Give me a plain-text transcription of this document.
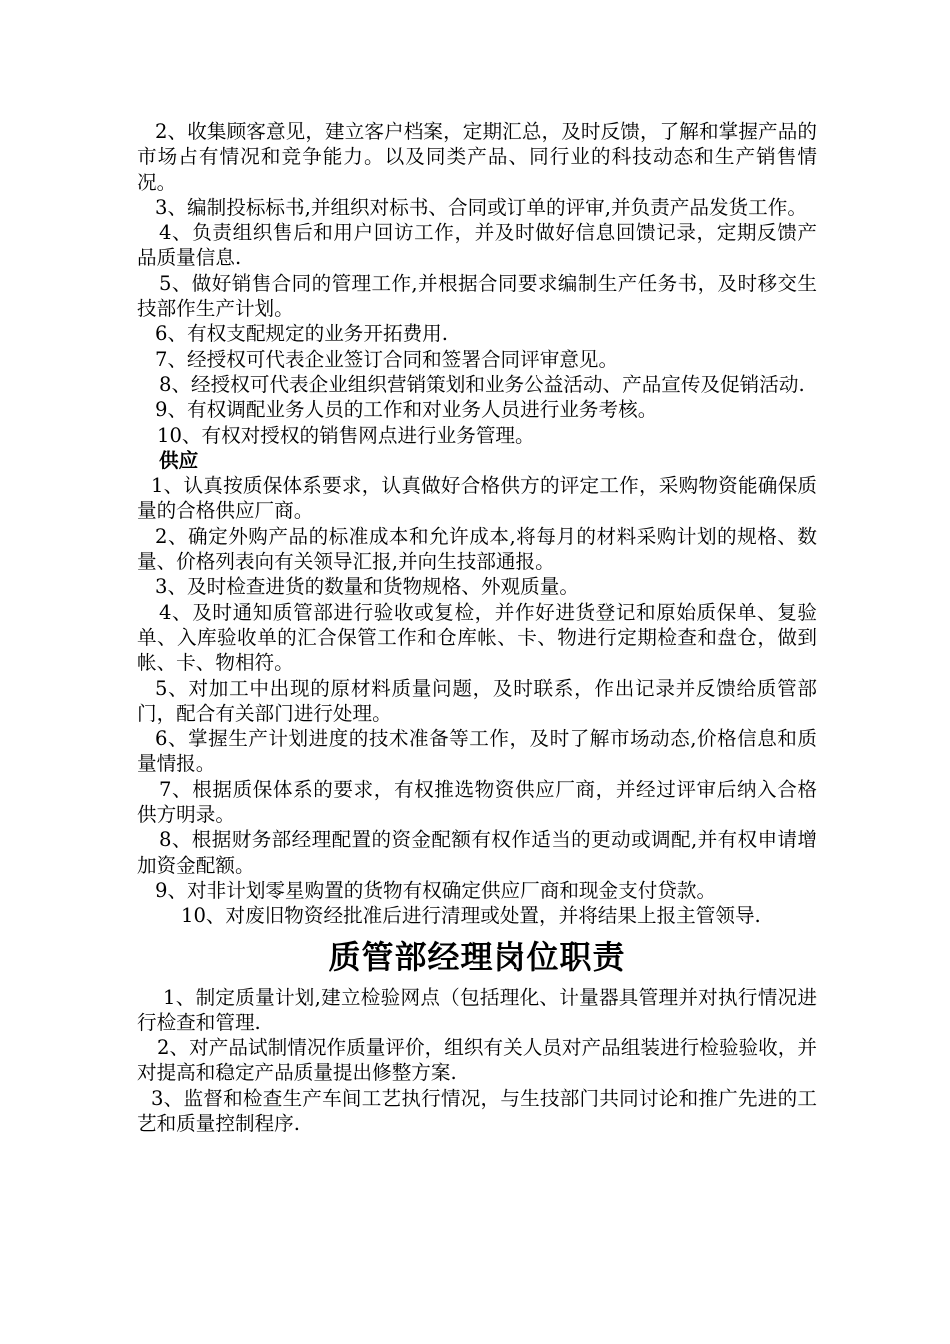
2、收集顾客意见，建立客户档案，定期汇总，及时反馈，了解和掌握产品的市场占有情况和竞争能力。以及同类产品、同行业的科技动态和生产销售情况。

3、编制投标标书,并组织对标书、合同或订单的评审,并负责产品发货工作。

4、负责组织售后和用户回访工作，并及时做好信息回馈记录，定期反馈产品质量信息.

5、做好销售合同的管理工作,并根据合同要求编制生产任务书，及时移交生技部作生产计划。

6、有权支配规定的业务开拓费用.

7、经授权可代表企业签订合同和签署合同评审意见。

8、经授权可代表企业组织营销策划和业务公益活动、产品宣传及促销活动.

9、有权调配业务人员的工作和对业务人员进行业务考核。

10、有权对授权的销售网点进行业务管理。

供应

1、认真按质保体系要求，认真做好合格供方的评定工作，采购物资能确保质量的合格供应厂商。

2、确定外购产品的标准成本和允许成本,将每月的材料采购计划的规格、数量、价格列表向有关领导汇报,并向生技部通报。

3、及时检查进货的数量和货物规格、外观质量。

4、及时通知质管部进行验收或复检，并作好进货登记和原始质保单、复验单、入库验收单的汇合保管工作和仓库帐、卡、物进行定期检查和盘仓，做到帐、卡、物相符。

5、对加工中出现的原材料质量问题，及时联系，作出记录并反馈给质管部门，配合有关部门进行处理。

6、掌握生产计划进度的技术准备等工作，及时了解市场动态,价格信息和质量情报。

7、根据质保体系的要求，有权推选物资供应厂商，并经过评审后纳入合格供方明录。

8、根据财务部经理配置的资金配额有权作适当的更动或调配,并有权申请增加资金配额。

9、对非计划零星购置的货物有权确定供应厂商和现金支付贷款。

10、对废旧物资经批准后进行清理或处置，并将结果上报主管领导.

质管部经理岗位职责

1、制定质量计划,建立检验网点（包括理化、计量器具管理并对执行情况进行检查和管理.

2、对产品试制情况作质量评价，组织有关人员对产品组装进行检验验收，并对提高和稳定产品质量提出修整方案.

3、监督和检查生产车间工艺执行情况，与生技部门共同讨论和推广先进的工艺和质量控制程序.
